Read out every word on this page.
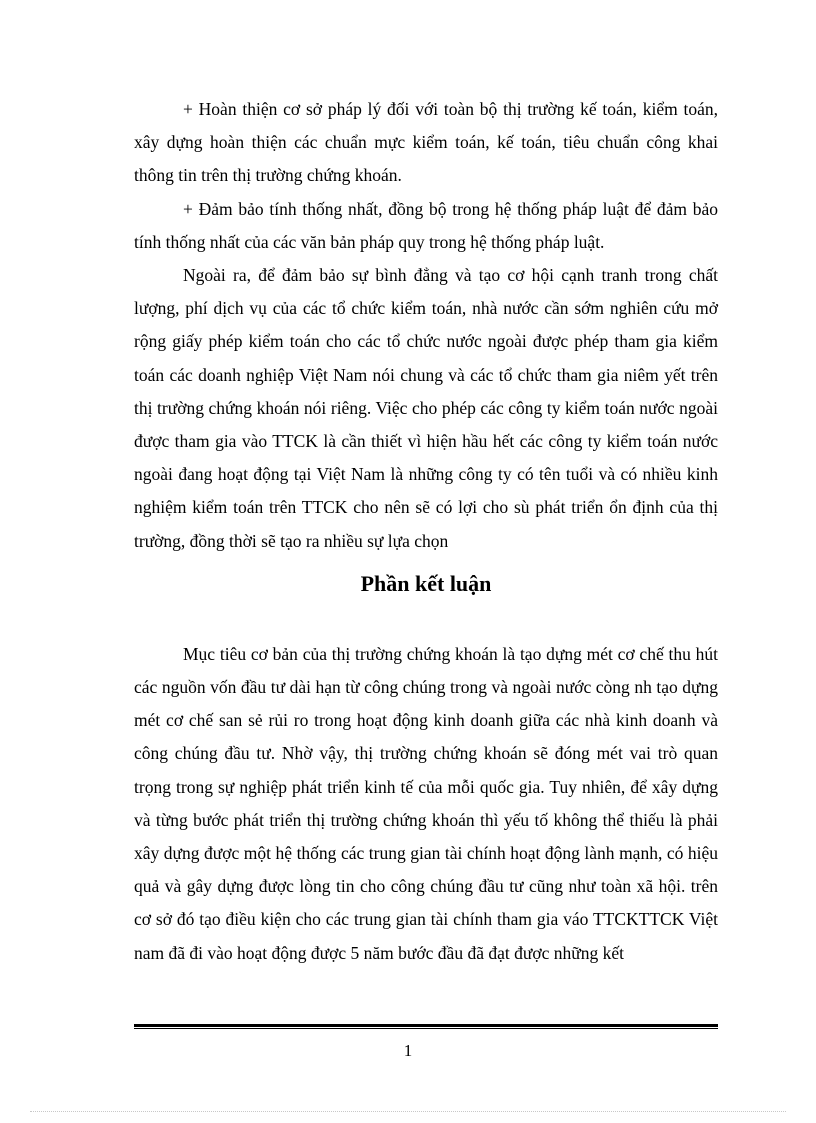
+ Hoàn thiện cơ sở pháp lý đối với toàn bộ thị trường kế toán, kiểm toán, xây dựng hoàn thiện các chuẩn mực kiểm toán, kế toán, tiêu chuẩn công khai thông tin trên thị trường chứng khoán.

+ Đảm bảo tính thống nhất, đồng bộ trong hệ thống pháp luật để đảm bảo tính thống nhất của các văn bản pháp quy trong hệ thống pháp luật.

Ngoài ra, để đảm bảo sự bình đẳng và tạo cơ hội cạnh tranh trong chất lượng, phí dịch vụ của các tổ chức kiểm toán, nhà nước cần sớm nghiên cứu mở rộng giấy phép kiểm toán cho các tổ chức nước ngoài được phép tham gia kiểm toán các doanh nghiệp Việt Nam nói chung và các tổ chức tham gia niêm yết trên thị trường chứng khoán nói riêng. Việc cho phép các công ty kiểm toán nước ngoài được tham gia vào TTCK là cần thiết vì hiện hầu hết các công ty kiểm toán nước ngoài đang hoạt động tại Việt Nam là những công ty có tên tuổi và có nhiều kinh nghiệm kiểm toán trên TTCK cho nên sẽ có lợi cho sù phát triển ổn định của thị trường, đồng thời sẽ tạo ra nhiều sự lựa chọn

Phần kết luận

Mục tiêu cơ bản của thị trường chứng khoán là tạo dựng mét cơ chế thu hút các nguồn vốn đầu tư dài hạn từ công chúng trong và ngoài nước còng nh tạo dựng mét cơ chế san sẻ rủi ro trong hoạt động kinh doanh giữa các nhà kinh doanh và công chúng đầu tư. Nhờ vậy, thị trường chứng khoán sẽ đóng mét vai trò quan trọng trong sự nghiệp phát triển kinh tế của mỗi quốc gia. Tuy nhiên, để xây dựng và từng bước phát triển thị trường chứng khoán thì yếu tố không thể thiếu là phải xây dựng được một hệ thống các trung gian tài chính hoạt động lành mạnh, có hiệu quả và gây dựng được lòng tin cho công chúng đầu tư cũng như toàn xã hội. trên cơ sở đó tạo điều kiện cho các trung gian tài chính tham gia váo TTCKTTCK Việt nam đã đi vào hoạt động được 5 năm bước đầu đã đạt được những kết

1
